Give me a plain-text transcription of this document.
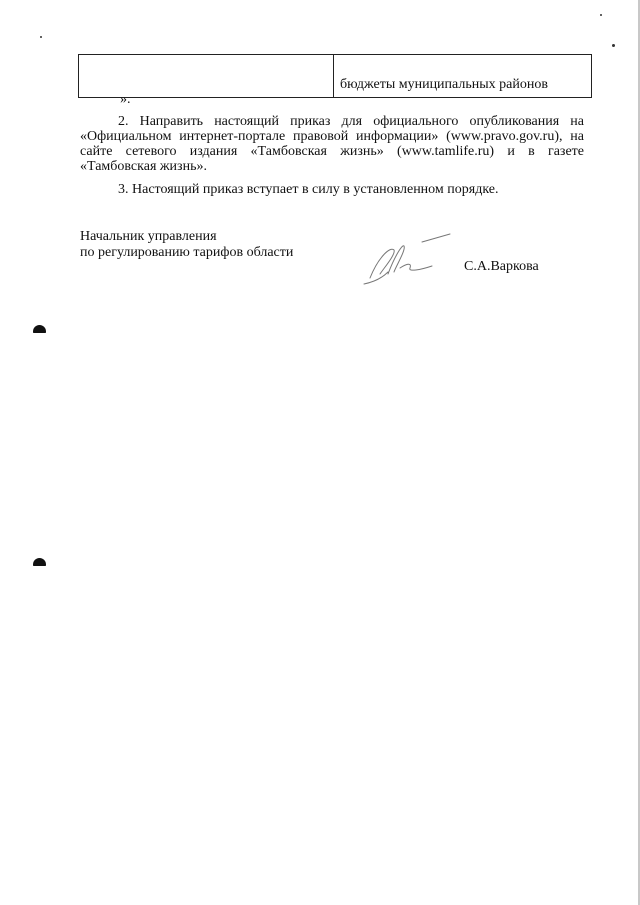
	бюджеты муниципальных районов
».
2. Направить настоящий приказ для официального опубликования на «Официальном интернет-портале правовой информации» (www.pravo.gov.ru), на сайте сетевого издания «Тамбовская жизнь» (www.tamlife.ru) и в газете «Тамбовская жизнь».
3. Настоящий приказ вступает в силу в установленном порядке.
Начальник управления
по регулированию тарифов области
С.А.Варкова
